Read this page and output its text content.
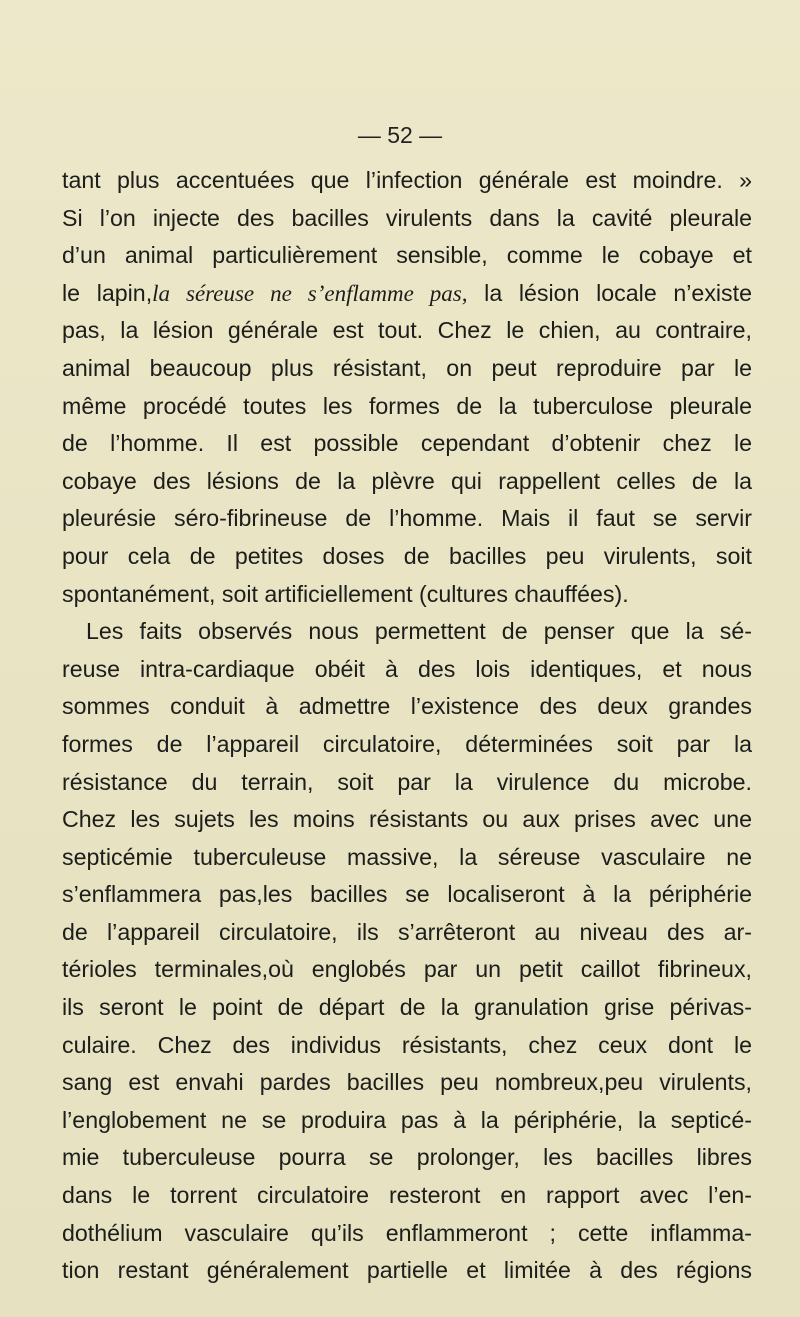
— 52 —
tant plus accentuées que l’infection générale est moindre. »
Si l’on injecte des bacilles virulents dans la cavité pleurale
d’un animal particulièrement sensible, comme le cobaye et
le lapin,la séreuse ne s’enflamme pas, la lésion locale n’existe
pas, la lésion générale est tout. Chez le chien, au contraire,
animal beaucoup plus résistant, on peut reproduire par le
même procédé toutes les formes de la tuberculose pleurale
de l’homme. Il est possible cependant d’obtenir chez le
cobaye des lésions de la plèvre qui rappellent celles de la
pleurésie séro-fibrineuse de l’homme. Mais il faut se servir
pour cela de petites doses de bacilles peu virulents, soit
spontanément, soit artificiellement (cultures chauffées).
Les faits observés nous permettent de penser que la sé-
reuse intra-cardiaque obéit à des lois identiques, et nous
sommes conduit à admettre l’existence des deux grandes
formes de l’appareil circulatoire, déterminées soit par la
résistance du terrain, soit par la virulence du microbe.
Chez les sujets les moins résistants ou aux prises avec une
septicémie tuberculeuse massive, la séreuse vasculaire ne
s’enflammera pas,les bacilles se localiseront à la périphérie
de l’appareil circulatoire, ils s’arrêteront au niveau des ar-
térioles terminales,où englobés par un petit caillot fibrineux,
ils seront le point de départ de la granulation grise périvas-
culaire. Chez des individus résistants, chez ceux dont le
sang est envahi pardes bacilles peu nombreux,peu virulents,
l’englobement ne se produira pas à la périphérie, la septicé-
mie tuberculeuse pourra se prolonger, les bacilles libres
dans le torrent circulatoire resteront en rapport avec l’en-
dothélium vasculaire qu’ils enflammeront ; cette inflamma-
tion restant généralement partielle et limitée à des régions
